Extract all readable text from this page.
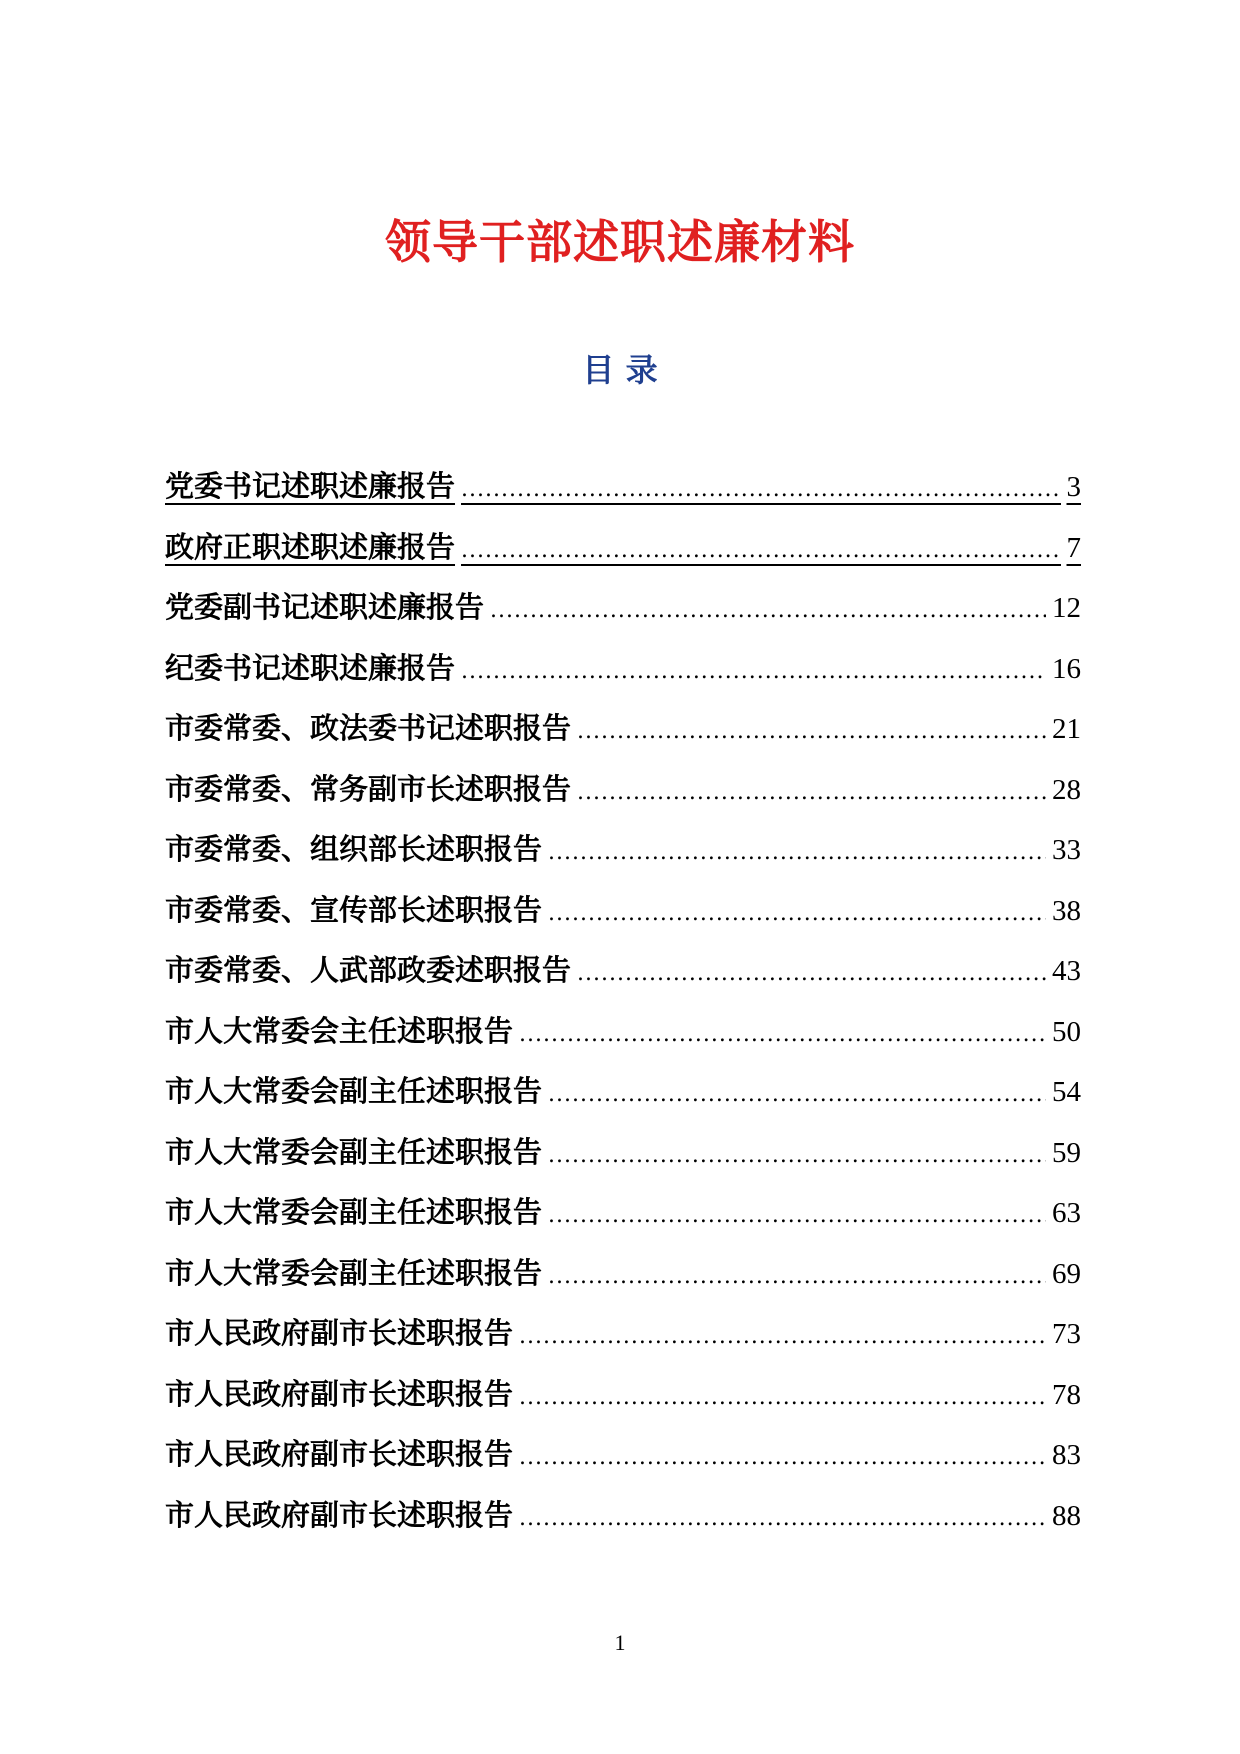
领导干部述职述廉材料
目 录
党委书记述职述廉报告 .....	3
政府正职述职述廉报告 .....	7
党委副书记述职述廉报告 .....	12
纪委书记述职述廉报告 .....	16
市委常委、政法委书记述职报告 .....	21
市委常委、常务副市长述职报告 .....	28
市委常委、组织部长述职报告 .....	33
市委常委、宣传部长述职报告 .....	38
市委常委、人武部政委述职报告 .....	43
市人大常委会主任述职报告 .....	50
市人大常委会副主任述职报告 .....	54
市人大常委会副主任述职报告 .....	59
市人大常委会副主任述职报告 .....	63
市人大常委会副主任述职报告 .....	69
市人民政府副市长述职报告 .....	73
市人民政府副市长述职报告 .....	78
市人民政府副市长述职报告 .....	83
市人民政府副市长述职报告 .....	88
1
